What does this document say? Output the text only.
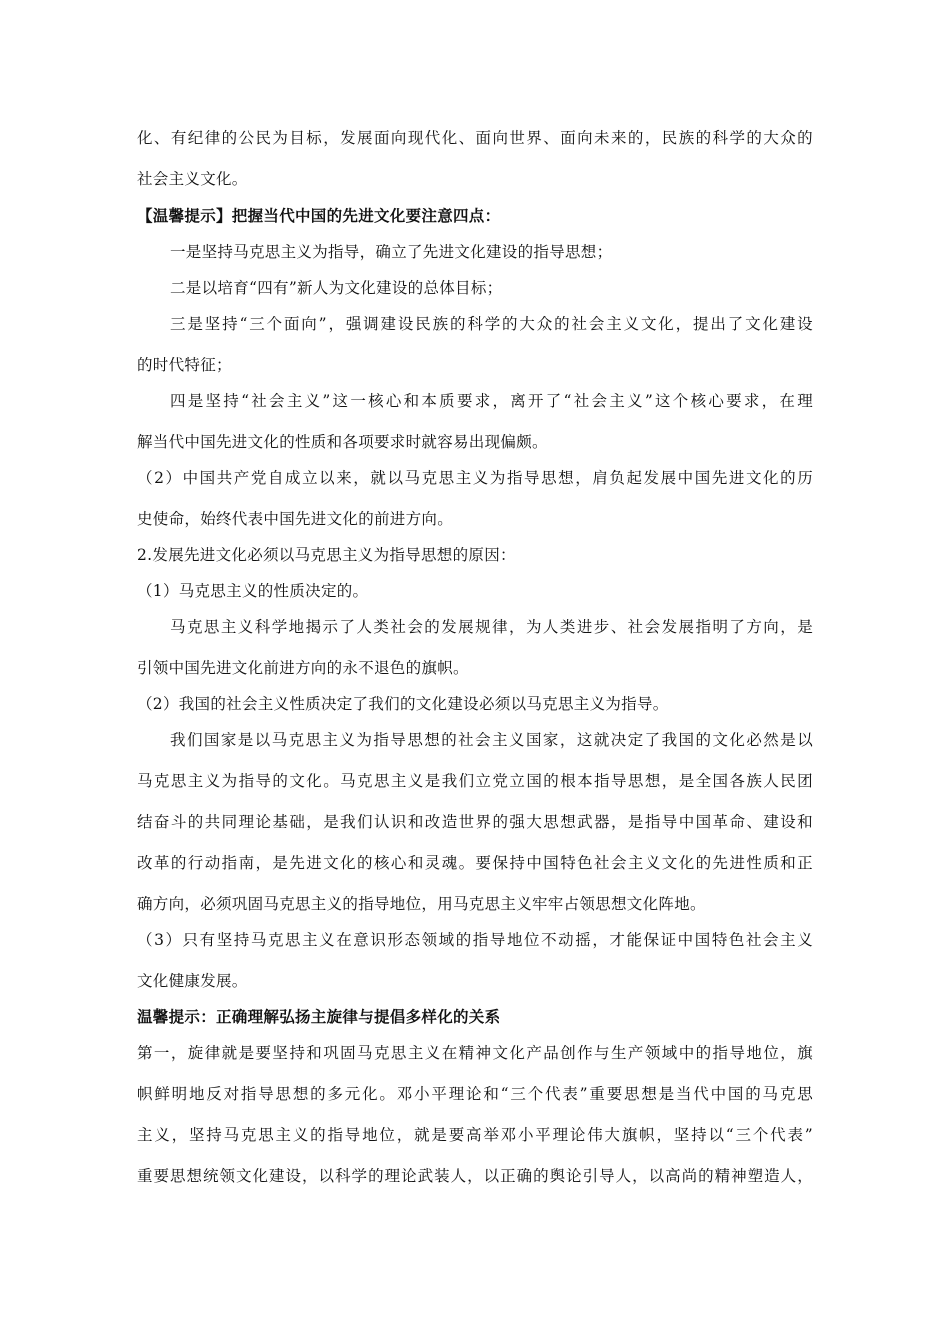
化、有纪律的公民为目标，发展面向现代化、面向世界、面向未来的，民族的科学的大众的
社会主义文化。
【温馨提示】把握当代中国的先进文化要注意四点：
一是坚持马克思主义为指导，确立了先进文化建设的指导思想；
二是以培育“四有”新人为文化建设的总体目标；
三是坚持“三个面向”，强调建设民族的科学的大众的社会主义文化，提出了文化建设
的时代特征；
四是坚持“社会主义”这一核心和本质要求，离开了“社会主义”这个核心要求，在理
解当代中国先进文化的性质和各项要求时就容易出现偏颇。
（2）中国共产党自成立以来，就以马克思主义为指导思想，肩负起发展中国先进文化的历
史使命，始终代表中国先进文化的前进方向。
2.发展先进文化必须以马克思主义为指导思想的原因：
（1）马克思主义的性质决定的。
马克思主义科学地揭示了人类社会的发展规律，为人类进步、社会发展指明了方向，是
引领中国先进文化前进方向的永不退色的旗帜。
（2）我国的社会主义性质决定了我们的文化建设必须以马克思主义为指导。
我们国家是以马克思主义为指导思想的社会主义国家，这就决定了我国的文化必然是以
马克思主义为指导的文化。马克思主义是我们立党立国的根本指导思想，是全国各族人民团
结奋斗的共同理论基础，是我们认识和改造世界的强大思想武器，是指导中国革命、建设和
改革的行动指南，是先进文化的核心和灵魂。要保持中国特色社会主义文化的先进性质和正
确方向，必须巩固马克思主义的指导地位，用马克思主义牢牢占领思想文化阵地。
（3）只有坚持马克思主义在意识形态领域的指导地位不动摇，才能保证中国特色社会主义
文化健康发展。
温馨提示：正确理解弘扬主旋律与提倡多样化的关系
第一，旋律就是要坚持和巩固马克思主义在精神文化产品创作与生产领域中的指导地位，旗
帜鲜明地反对指导思想的多元化。邓小平理论和“三个代表”重要思想是当代中国的马克思
主义，坚持马克思主义的指导地位，就是要高举邓小平理论伟大旗帜，坚持以“三个代表”
重要思想统领文化建设，以科学的理论武装人，以正确的舆论引导人，以高尚的精神塑造人，
